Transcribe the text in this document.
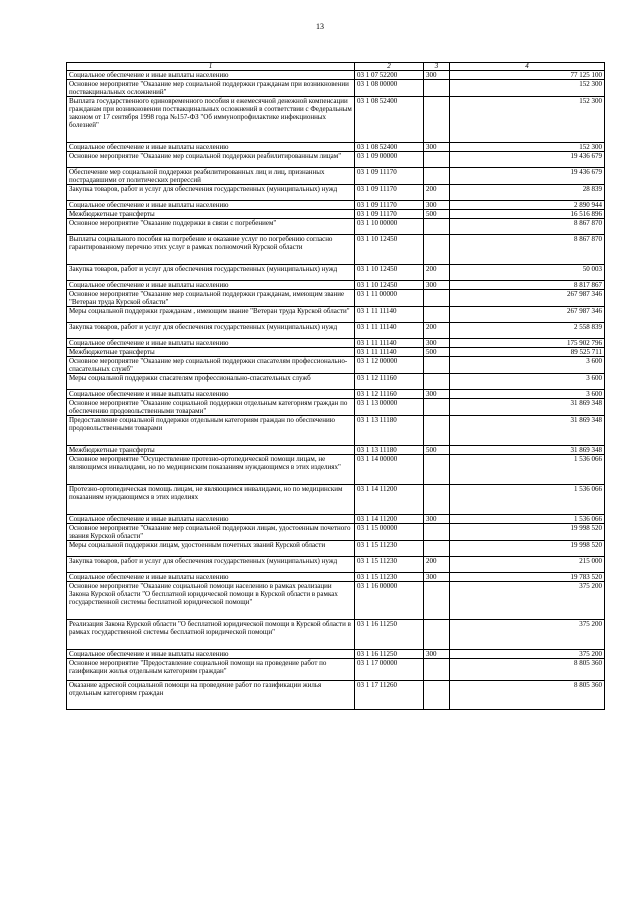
13
1	2	3	4
Социальное обеспечение и иные выплаты населению	03 1 07 52200	300	77 125 100
Основное мероприятие "Оказание мер социальной поддержки гражданам при возникновении поствакцинальных осложнений"	03 1 08 00000		152 300
Выплата государственного единовременного пособия и ежемесячной денежной компенсации гражданам при возникновении поствакцинальных осложнений в соответствии с Федеральным законом от 17 сентября 1998 года №157-ФЗ "Об иммунопрофилактике инфекционных болезней"	03 1 08 52400		152 300
Социальное обеспечение и иные выплаты населению	03 1 08 52400	300	152 300
Основное мероприятие "Оказание мер социальной поддержки реабилитированным лицам"	03 1 09 00000		19 436 679
Обеспечение мер социальной поддержки реабилитированных лиц и лиц, признанных пострадавшими от политических репрессий	03 1 09 11170		19 436 679
Закупка товаров, работ и услуг для обеспечения государственных (муниципальных) нужд	03 1 09 11170	200	28 839
Социальное обеспечение и иные выплаты населению	03 1 09 11170	300	2 890 944
Межбюджетные трансферты	03 1 09 11170	500	16 516 896
Основное мероприятие "Оказание поддержки в связи с погребением"	03 1 10 00000		8 867 870
Выплаты социального пособия на погребение и оказание услуг по погребению согласно гарантированному перечню этих услуг в рамках полномочий Курской области	03 1 10 12450		8 867 870
Закупка товаров, работ и услуг для обеспечения государственных (муниципальных) нужд	03 1 10 12450	200	50 003
Социальное обеспечение и иные выплаты населению	03 1 10 12450	300	8 817 867
Основное мероприятие "Оказание мер социальной поддержки гражданам, имеющим звание "Ветеран труда Курской области"	03 1 11 00000		267 987 346
Меры социальной поддержки гражданам , имеющим звание "Ветеран труда Курской области"	03 1 11 11140		267 987 346
Закупка товаров, работ и услуг для обеспечения государственных (муниципальных) нужд	03 1 11 11140	200	2 558 839
Социальное обеспечение и иные выплаты населению	03 1 11 11140	300	175 902 796
Межбюджетные трансферты	03 1 11 11140	500	89 525 711
Основное мероприятие "Оказание мер социальной поддержки спасателям профессионально-спасательных служб"	03 1 12 00000		3 600
Меры социальной поддержки спасателям профессионально-спасательных служб	03 1 12 11160		3 600
Социальное обеспечение и иные выплаты населению	03 1 12 11160	300	3 600
Основное мероприятие "Оказание социальной поддержки отдельным категориям граждан по обеспечению продовольственными товарами"	03 1 13 00000		31 869 348
Предоставление социальной поддержки отдельным категориям граждан по обеспечению продовольственными товарами	03 1 13 11180		31 869 348
Межбюджетные трансферты	03 1 13 11180	500	31 869 348
Основное мероприятие "Осуществление протезно-ортопедической помощи лицам, не являющимся инвалидами, но по медицинским показаниям нуждающимся в этих изделиях"	03 1 14 00000		1 536 066
Протезно-ортопедическая помощь лицам, не являющимся инвалидами, но по медицинским показаниям нуждающимся в этих изделиях	03 1 14 11200		1 536 066
Социальное обеспечение и иные выплаты населению	03 1 14 11200	300	1 536 066
Основное мероприятие "Оказание мер социальной поддержки лицам, удостоенным почетного звания Курской области"	03 1 15 00000		19 998 520
Меры социальной поддержки лицам, удостоенным почетных званий Курской области	03 1 15 11230		19 998 520
Закупка товаров, работ и услуг для обеспечения государственных (муниципальных) нужд	03 1 15 11230	200	215 000
Социальное обеспечение и иные выплаты населению	03 1 15 11230	300	19 783 520
Основное мероприятие "Оказание социальной помощи населению в рамках реализации Закона Курской области "О бесплатной юридической помощи в Курской области в рамках государственной системы бесплатной юридической помощи"	03 1 16 00000		375 200
Реализация Закона Курской области "О бесплатной юридической помощи в Курской области в рамках государственной системы бесплатной юридической помощи"	03 1 16 11250		375 200
Социальное обеспечение и иные выплаты населению	03 1 16 11250	300	375 200
Основное мероприятие "Предоставление социальной помощи на проведение работ по газификации жилья отдельным категориям граждан"	03 1 17 00000		8 805 360
Оказание адресной социальной помощи на проведение работ по газификации жилья отдельным категориям граждан	03 1 17 11260		8 805 360
